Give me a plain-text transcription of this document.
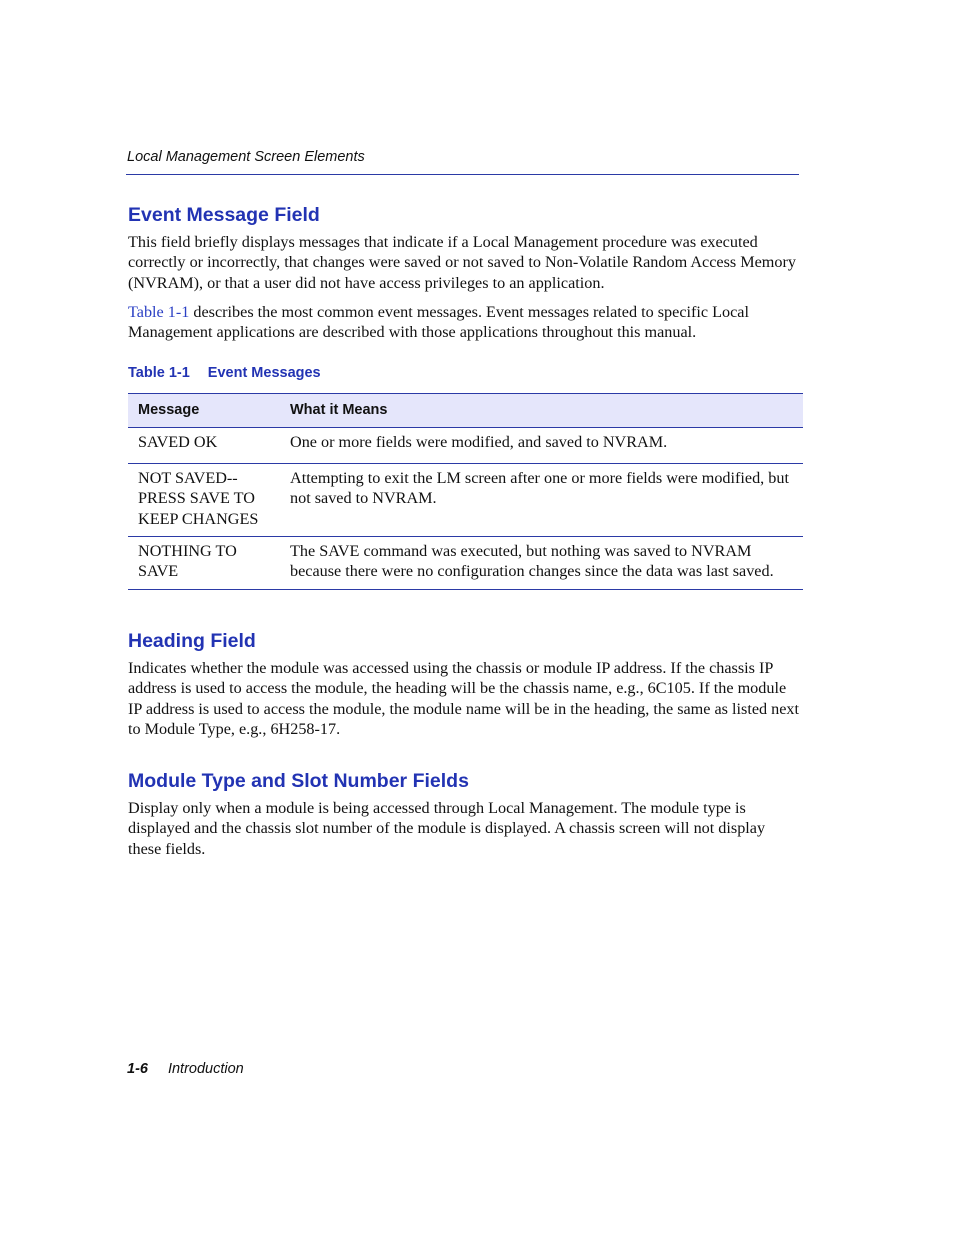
Local Management Screen Elements
Event Message Field

This field briefly displays messages that indicate if a Local Management procedure was executed correctly or incorrectly, that changes were saved or not saved to Non-Volatile Random Access Memory (NVRAM), or that a user did not have access privileges to an application.

Table 1-1 describes the most common event messages. Event messages related to specific Local Management applications are described with those applications throughout this manual.

Table 1-1 Event Messages
Message	What it Means
SAVED OK	One or more fields were modified, and saved to NVRAM.
NOT SAVED--PRESS SAVE TO KEEP CHANGES	Attempting to exit the LM screen after one or more fields were modified, but not saved to NVRAM.
NOTHING TO SAVE	The SAVE command was executed, but nothing was saved to NVRAM because there were no configuration changes since the data was last saved.
Heading Field

Indicates whether the module was accessed using the chassis or module IP address. If the chassis IP address is used to access the module, the heading will be the chassis name, e.g., 6C105. If the module IP address is used to access the module, the module name will be in the heading, the same as listed next to Module Type, e.g., 6H258-17.

Module Type and Slot Number Fields

Display only when a module is being accessed through Local Management. The module type is displayed and the chassis slot number of the module is displayed. A chassis screen will not display these fields.

1-6 Introduction
